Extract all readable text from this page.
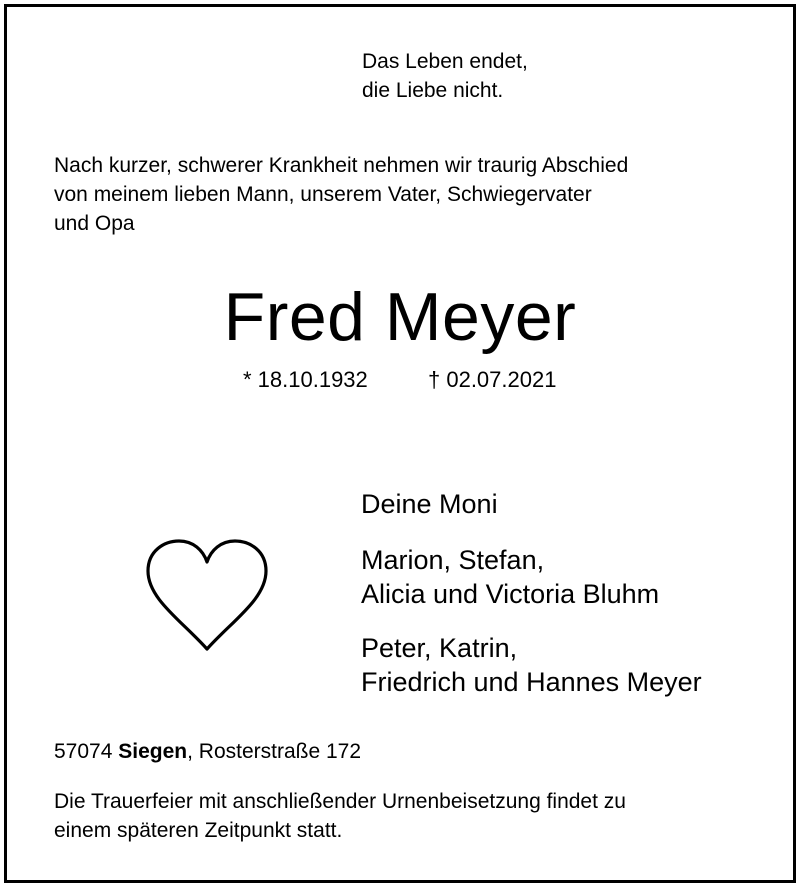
Das Leben endet,
die Liebe nicht.
Nach kurzer, schwerer Krankheit nehmen wir traurig Abschied
von meinem lieben Mann, unserem Vater, Schwiegervater
und Opa
Fred Meyer
* 18.10.1932	† 02.07.2021
Deine Moni
Marion, Stefan,
Alicia und Victoria Bluhm
Peter, Katrin,
Friedrich und Hannes Meyer
57074 Siegen, Rosterstraße 172
Die Trauerfeier mit anschließender Urnenbeisetzung findet zu
einem späteren Zeitpunkt statt.
